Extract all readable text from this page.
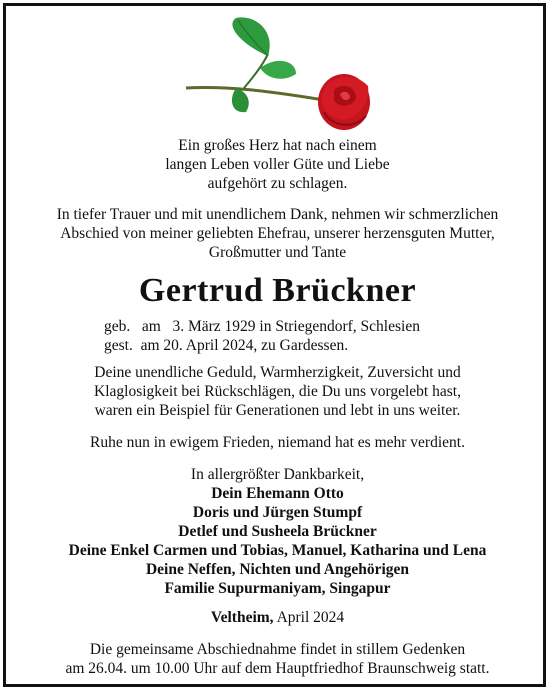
Ein großes Herz hat nach einem
langen Leben voller Güte und Liebe
aufgehört zu schlagen.
In tiefer Trauer und mit unendlichem Dank, nehmen wir schmerzlichen
Abschied von meiner geliebten Ehefrau, unserer herzensguten Mutter,
Großmutter und Tante
Gertrud Brückner
geb.   am   3. März 1929 in Striegendorf, Schlesien
gest.  am 20. April 2024, zu Gardessen.
Deine unendliche Geduld, Warmherzigkeit, Zuversicht und
Klaglosigkeit bei Rückschlägen, die Du uns vorgelebt hast,
waren ein Beispiel für Generationen und lebt in uns weiter.
Ruhe nun in ewigem Frieden, niemand hat es mehr verdient.
In allergrößter Dankbarkeit,
Dein Ehemann Otto
Doris und Jürgen Stumpf
Detlef und Susheela Brückner
Deine Enkel Carmen und Tobias, Manuel, Katharina und Lena
Deine Neffen, Nichten und Angehörigen
Familie Supurmaniyam, Singapur
Veltheim, April 2024
Die gemeinsame Abschiednahme findet in stillem Gedenken
am 26.04. um 10.00 Uhr auf dem Hauptfriedhof Braunschweig statt.
